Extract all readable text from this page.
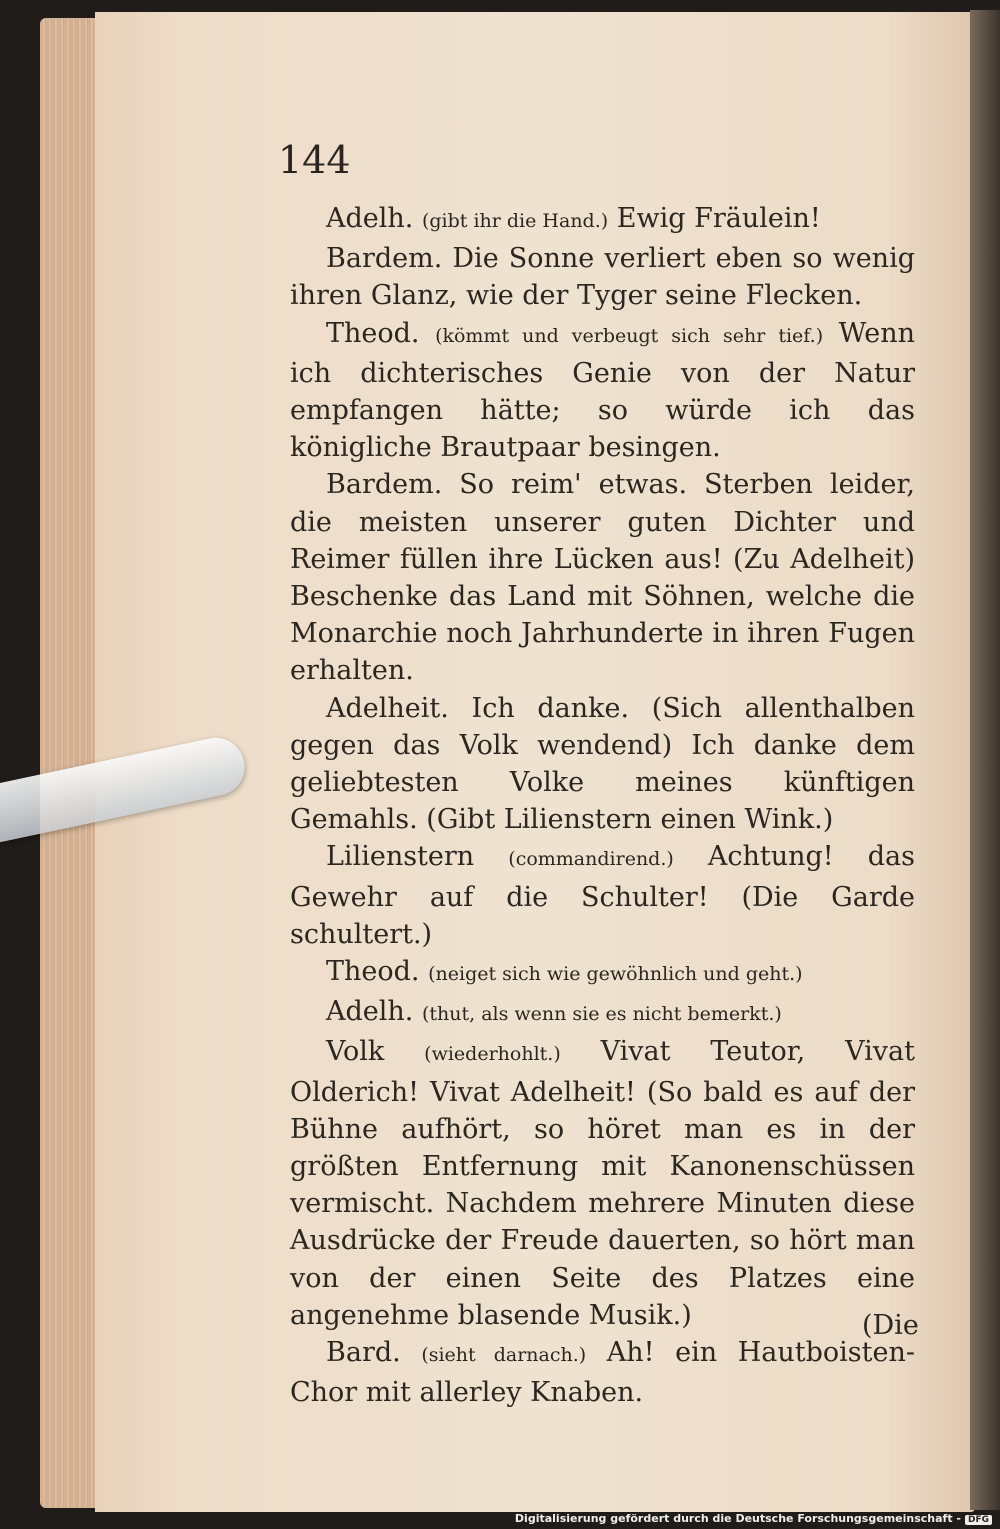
144

Adelh. (gibt ihr die Hand.) Ewig Fräulein!

Bardem. Die Sonne verliert eben so wenig ihren Glanz, wie der Tyger seine Flecken.

Theod. (kömmt und verbeugt sich sehr tief.) Wenn ich dichterisches Genie von der Natur empfangen hätte; so würde ich das königliche Brautpaar besingen.

Bardem. So reim' etwas. Sterben leider, die meisten unserer guten Dichter und Reimer füllen ihre Lücken aus! (Zu Adelheit) Beschenke das Land mit Söhnen, welche die Monarchie noch Jahrhunderte in ihren Fugen erhalten.

Adelheit. Ich danke. (Sich allenthalben gegen das Volk wendend) Ich danke dem geliebtesten Volke meines künftigen Gemahls. (Gibt Lilienstern einen Wink.)

Lilienstern (commandirend.) Achtung! das Gewehr auf die Schulter! (Die Garde schultert.)

Theod. (neiget sich wie gewöhnlich und geht.)

Adelh. (thut, als wenn sie es nicht bemerkt.)

Volk (wiederhohlt.) Vivat Teutor, Vivat Olderich! Vivat Adelheit! (So bald es auf der Bühne aufhört, so höret man es in der größten Entfernung mit Kanonenschüssen vermischt. Nachdem mehrere Minuten diese Ausdrücke der Freude dauerten, so hört man von der einen Seite des Platzes eine angenehme blasende Musik.)

Bard. (sieht darnach.) Ah! ein Hautboisten-Chor mit allerley Knaben.

(Die
Digitalisierung gefördert durch die Deutsche Forschungsgemeinschaft - DFG
